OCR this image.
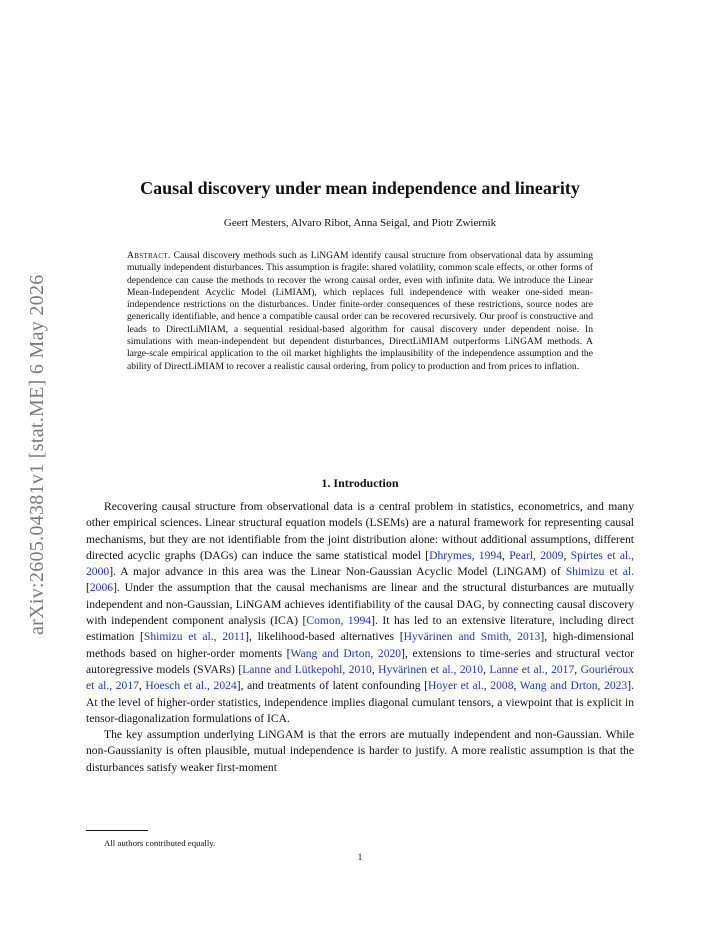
arXiv:2605.04381v1 [stat.ME] 6 May 2026
Causal discovery under mean independence and linearity
Geert Mesters, Alvaro Ribot, Anna Seigal, and Piotr Zwiernik

Abstract. Causal discovery methods such as LiNGAM identify causal structure from observational data by assuming mutually independent disturbances. This assumption is fragile: shared volatility, common scale effects, or other forms of dependence can cause the methods to recover the wrong causal order, even with infinite data. We introduce the Linear Mean-Independent Acyclic Model (LiMIAM), which replaces full independence with weaker one-sided mean-independence restrictions on the disturbances. Under finite-order consequences of these restrictions, source nodes are generically identifiable, and hence a compatible causal order can be recovered recursively. Our proof is constructive and leads to DirectLiMIAM, a sequential residual-based algorithm for causal discovery under dependent noise. In simulations with mean-independent but dependent disturbances, DirectLiMIAM outperforms LiNGAM methods. A large-scale empirical application to the oil market highlights the implausibility of the independence assumption and the ability of DirectLiMIAM to recover a realistic causal ordering, from policy to production and from prices to inflation.

1. Introduction

Recovering causal structure from observational data is a central problem in statistics, econometrics, and many other empirical sciences. Linear structural equation models (LSEMs) are a natural framework for representing causal mechanisms, but they are not identifiable from the joint distribution alone: without additional assumptions, different directed acyclic graphs (DAGs) can induce the same statistical model [Dhrymes, 1994, Pearl, 2009, Spirtes et al., 2000]. A major advance in this area was the Linear Non-Gaussian Acyclic Model (LiNGAM) of Shimizu et al. [2006]. Under the assumption that the causal mechanisms are linear and the structural disturbances are mutually independent and non-Gaussian, LiNGAM achieves identifiability of the causal DAG, by connecting causal discovery with independent component analysis (ICA) [Comon, 1994]. It has led to an extensive literature, including direct estimation [Shimizu et al., 2011], likelihood-based alternatives [Hyvärinen and Smith, 2013], high-dimensional methods based on higher-order moments [Wang and Drton, 2020], extensions to time-series and structural vector autoregressive models (SVARs) [Lanne and Lütkepohl, 2010, Hyvärinen et al., 2010, Lanne et al., 2017, Gouriéroux et al., 2017, Hoesch et al., 2024], and treatments of latent confounding [Hoyer et al., 2008, Wang and Drton, 2023]. At the level of higher-order statistics, independence implies diagonal cumulant tensors, a viewpoint that is explicit in tensor-diagonalization formulations of ICA.

The key assumption underlying LiNGAM is that the errors are mutually independent and non-Gaussian. While non-Gaussianity is often plausible, mutual independence is harder to justify. A more realistic assumption is that the disturbances satisfy weaker first-moment

All authors contributed equally.
1
